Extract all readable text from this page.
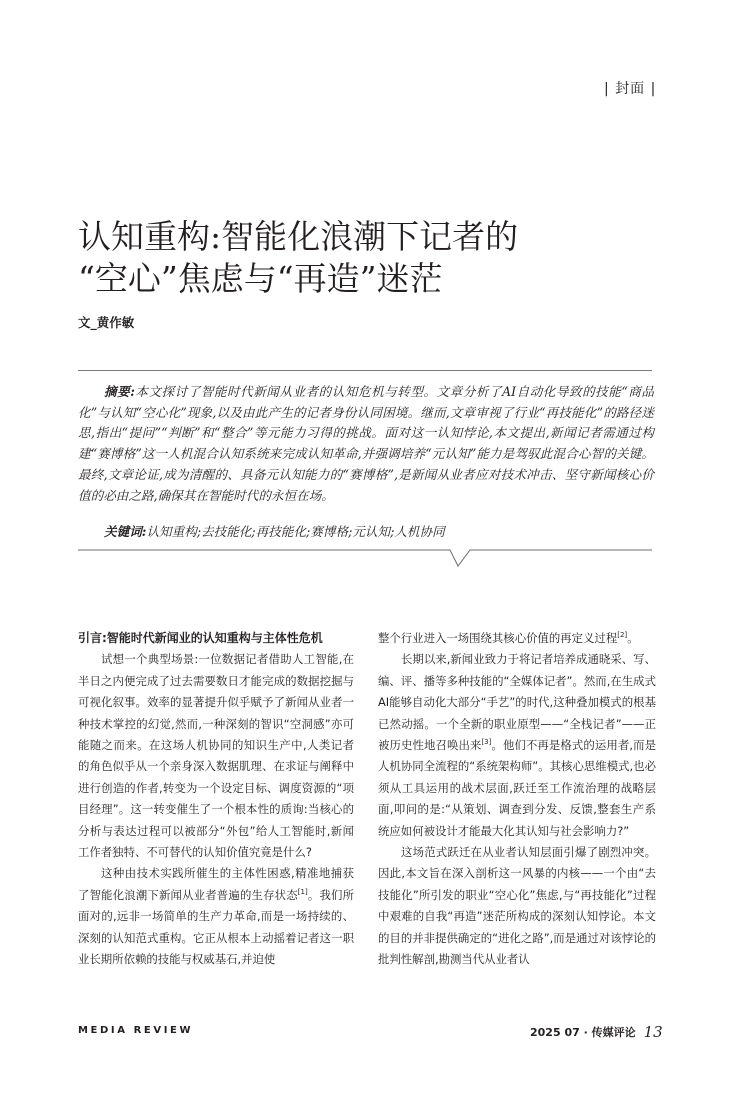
| 封面 |
认知重构:智能化浪潮下记者的
“空心”焦虑与“再造”迷茫
文_黄作敏

摘要:本文探讨了智能时代新闻从业者的认知危机与转型。文章分析了AI自动化导致的技能“商品化”与认知“空心化”现象,以及由此产生的记者身份认同困境。继而,文章审视了行业“再技能化”的路径迷思,指出“提问”“判断”和“整合”等元能力习得的挑战。面对这一认知悖论,本文提出,新闻记者需通过构建“赛博格”这一人机混合认知系统来完成认知革命,并强调培养“元认知”能力是驾驭此混合心智的关键。最终,文章论证,成为清醒的、具备元认知能力的“赛博格”,是新闻从业者应对技术冲击、坚守新闻核心价值的必由之路,确保其在智能时代的永恒在场。

关键词:认知重构;去技能化;再技能化;赛博格;元认知;人机协同
引言:智能时代新闻业的认知重构与主体性危机

试想一个典型场景:一位数据记者借助人工智能,在半日之内便完成了过去需要数日才能完成的数据挖掘与可视化叙事。效率的显著提升似乎赋予了新闻从业者一种技术掌控的幻觉,然而,一种深刻的智识“空洞感”亦可能随之而来。在这场人机协同的知识生产中,人类记者的角色似乎从一个亲身深入数据肌理、在求证与阐释中进行创造的作者,转变为一个设定目标、调度资源的“项目经理”。这一转变催生了一个根本性的质询:当核心的分析与表达过程可以被部分“外包”给人工智能时,新闻工作者独特、不可替代的认知价值究竟是什么?

这种由技术实践所催生的主体性困惑,精准地捕获了智能化浪潮下新闻从业者普遍的生存状态[1]。我们所面对的,远非一场简单的生产力革命,而是一场持续的、深刻的认知范式重构。它正从根本上动摇着记者这一职业长期所依赖的技能与权威基石,并迫使

整个行业进入一场围绕其核心价值的再定义过程[2]。

长期以来,新闻业致力于将记者培养成通晓采、写、编、评、播等多种技能的“全媒体记者”。然而,在生成式AI能够自动化大部分“手艺”的时代,这种叠加模式的根基已然动摇。一个全新的职业原型——“全栈记者”——正被历史性地召唤出来[3]。他们不再是格式的运用者,而是人机协同全流程的“系统架构师”。其核心思维模式,也必须从工具运用的战术层面,跃迁至工作流治理的战略层面,叩问的是:“从策划、调查到分发、反馈,整套生产系统应如何被设计才能最大化其认知与社会影响力?”

这场范式跃迁在从业者认知层面引爆了剧烈冲突。因此,本文旨在深入剖析这一风暴的内核——一个由“去技能化”所引发的职业“空心化”焦虑,与“再技能化”过程中艰难的自我“再造”迷茫所构成的深刻认知悖论。本文的目的并非提供确定的“进化之路”,而是通过对该悖论的批判性解剖,勘测当代从业者认

MEDIA REVIEW	2025 07 · 传媒评论 13
